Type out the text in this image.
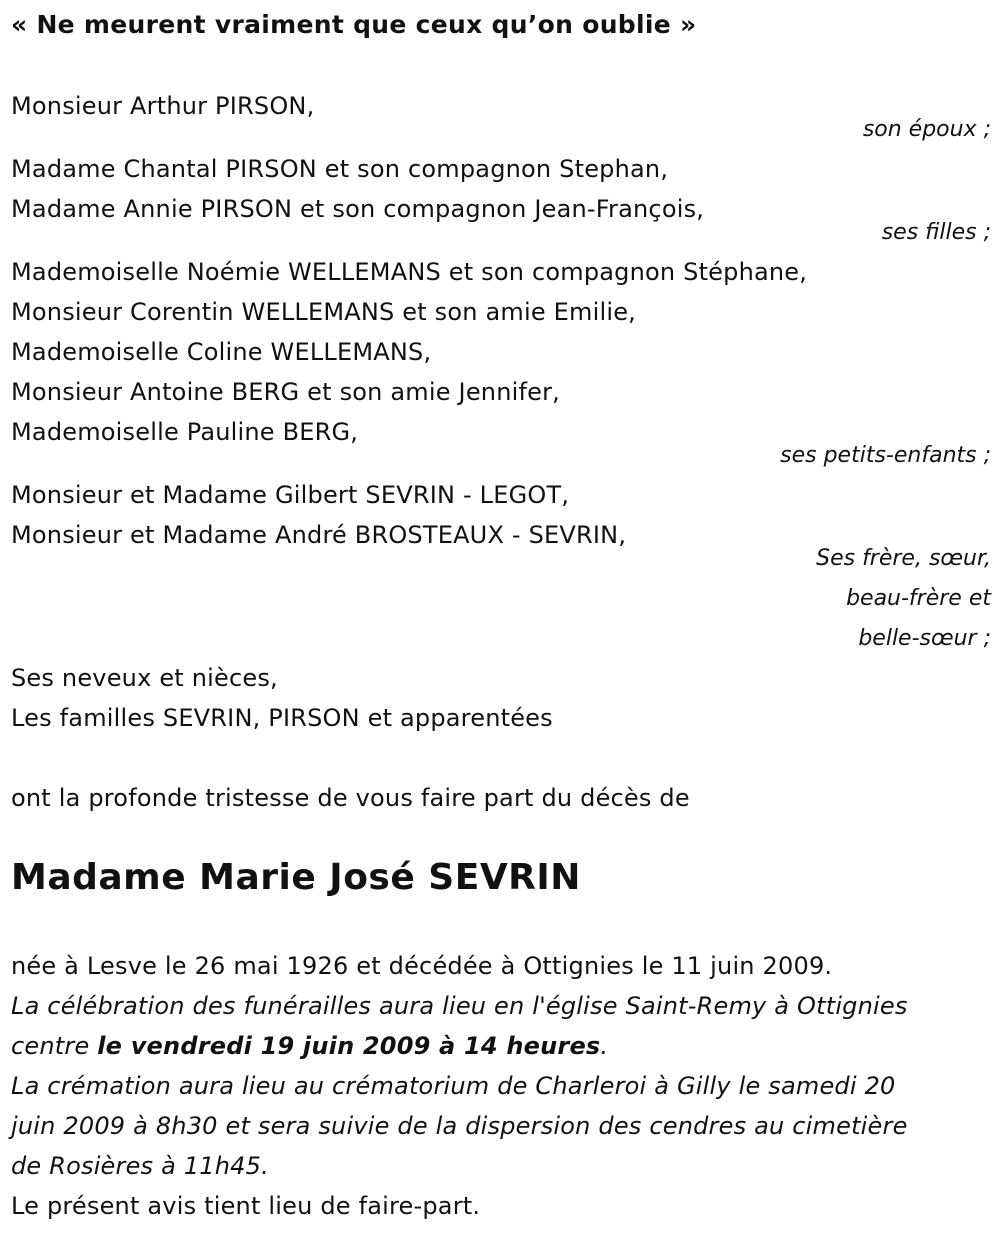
« Ne meurent vraiment que ceux qu’on oublie »
Monsieur Arthur PIRSON,
son époux ;
Madame Chantal PIRSON et son compagnon Stephan,
Madame Annie PIRSON et son compagnon Jean-François,
ses filles ;
Mademoiselle Noémie WELLEMANS et son compagnon Stéphane,
Monsieur Corentin WELLEMANS et son amie Emilie,
Mademoiselle Coline WELLEMANS,
Monsieur Antoine BERG et son amie Jennifer,
Mademoiselle Pauline BERG,
ses petits-enfants ;
Monsieur et Madame Gilbert SEVRIN - LEGOT,
Monsieur et Madame André BROSTEAUX - SEVRIN,
Ses frère, sœur,
beau-frère et
belle-sœur ;
Ses neveux et nièces,
Les familles SEVRIN, PIRSON et apparentées
ont la profonde tristesse de vous faire part du décès de
Madame Marie José SEVRIN
née à Lesve le 26 mai 1926 et décédée à Ottignies le 11 juin 2009.
La célébration des funérailles aura lieu en l'église Saint-Remy à Ottignies
centre le vendredi 19 juin 2009 à 14 heures.
La crémation aura lieu au crématorium de Charleroi à Gilly le samedi 20
juin 2009 à 8h30 et sera suivie de la dispersion des cendres au cimetière
de Rosières à 11h45.
Le présent avis tient lieu de faire-part.
